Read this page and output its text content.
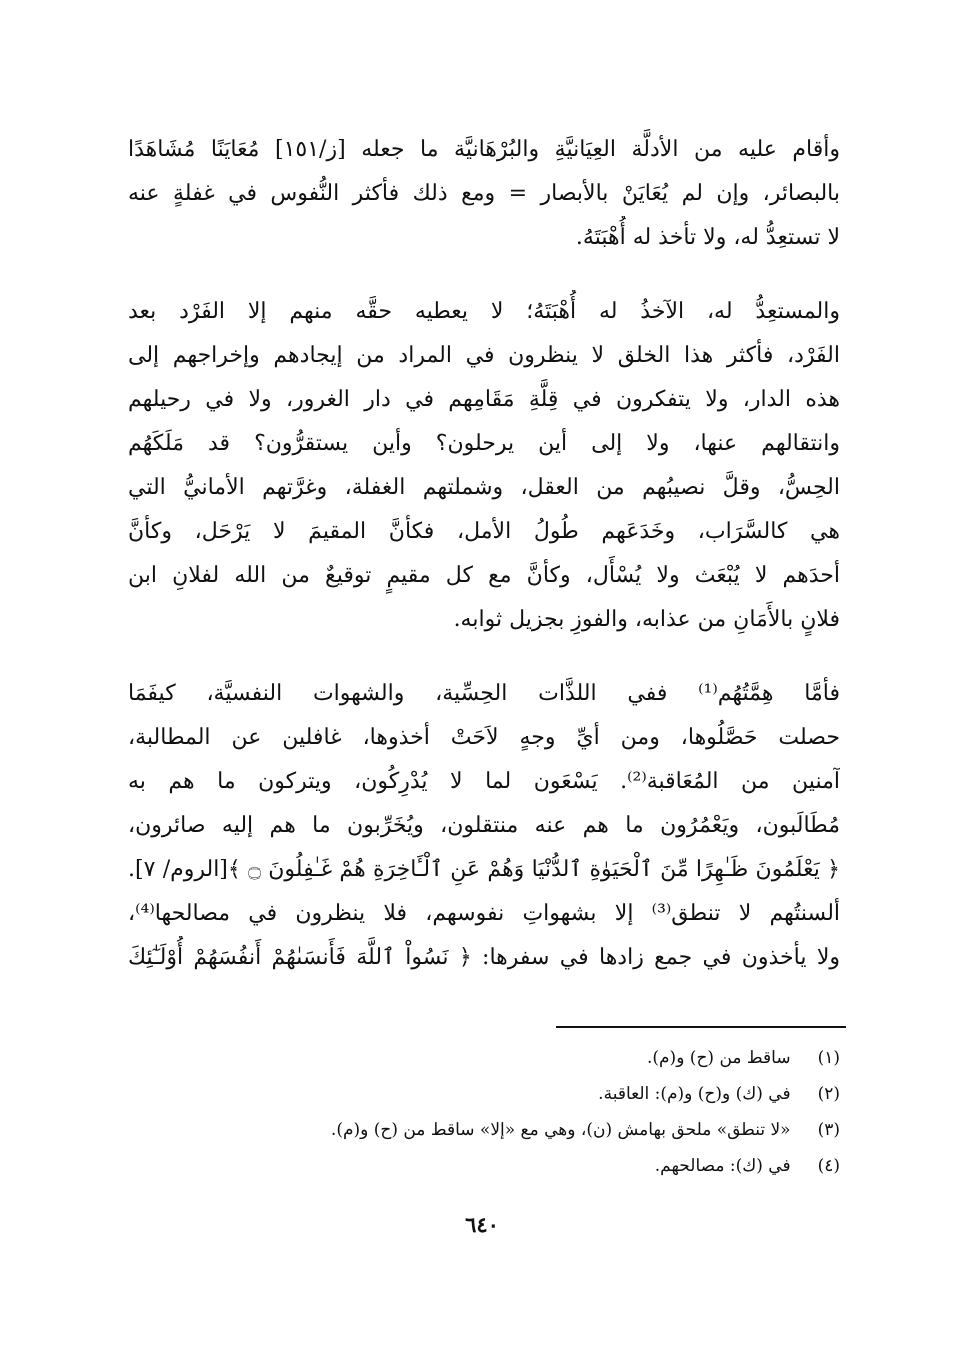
وأقام عليه من الأدلَّة العِيَانيَّةِ والبُرْهَانيَّة ما جعله [ز/١٥١] مُعَايَنًا مُشَاهَدًا
بالبصائر، وإن لم يُعَايَنْ بالأبصار = ومع ذلك فأكثر النُّفوس في غفلةٍ عنه
لا تستعِدُّ له، ولا تأخذ له أُهْبَتَهُ.
والمستعِدُّ له، الآخذُ له أُهْبَتَهُ؛ لا يعطيه حقَّه منهم إلا الفَرْد بعد
الفَرْد، فأكثر هذا الخلق لا ينظرون في المراد من إيجادهم وإخراجهم إلى
هذه الدار، ولا يتفكرون في قِلَّةِ مَقَامِهم في دار الغرور، ولا في رحيلهم
وانتقالهم عنها، ولا إلى أين يرحلون؟ وأين يستقرُّون؟ قد مَلَكَهُم
الحِسُّ، وقلَّ نصيبُهم من العقل، وشملتهم الغفلة، وغرَّتهم الأمانيُّ التي
هي كالسَّرَاب، وخَدَعَهم طُولُ الأمل، فكأنَّ المقيمَ لا يَرْحَل، وكأنَّ
أحدَهم لا يُبْعَث ولا يُسْأَل، وكأنَّ مع كل مقيمٍ توقيعٌ من الله لفلانِ ابن
فلانٍ بالأَمَانِ من عذابه، والفوزِ بجزيل ثوابه.
فأمَّا هِمَّتُهُم⁽¹⁾ ففي اللذَّات الحِسِّية، والشهوات النفسيَّة، كيفَمَا
حصلت حَصَّلُوها، ومن أيِّ وجهٍ لاَحَتْ أخذوها، غافلين عن المطالبة،
آمنين من المُعَاقبة⁽²⁾. يَسْعَون لما لا يُدْرِكُون، ويتركون ما هم به
مُطَالَبون، ويَعْمُرُون ما هم عنه منتقلون، ويُخَرِّبون ما هم إليه صائرون،
﴿ يَعْلَمُونَ ظَـٰهِرًا مِّنَ ٱلْحَيَوٰةِ ٱلدُّنْيَا وَهُمْ عَنِ ٱلْـَٔاخِرَةِ هُمْ غَـٰفِلُونَ ۝ ﴾[الروم/ ٧].
ألسنتُهم لا تنطق⁽³⁾ إلا بشهواتِ نفوسهم، فلا ينظرون في مصالحها⁽⁴⁾،
ولا يأخذون في جمع زادها في سفرها: ﴿ نَسُواْ ٱللَّهَ فَأَنسَىٰهُمْ أَنفُسَهُمْ أُوْلَـٰٓئِكَ
(١) ساقط من (ح) و(م).
(٢) في (ك) و(ح) و(م): العاقبة.
(٣) «لا تنطق» ملحق بهامش (ن)، وهي مع «إلا» ساقط من (ح) و(م).
(٤) في (ك): مصالحهم.
٦٤٠
